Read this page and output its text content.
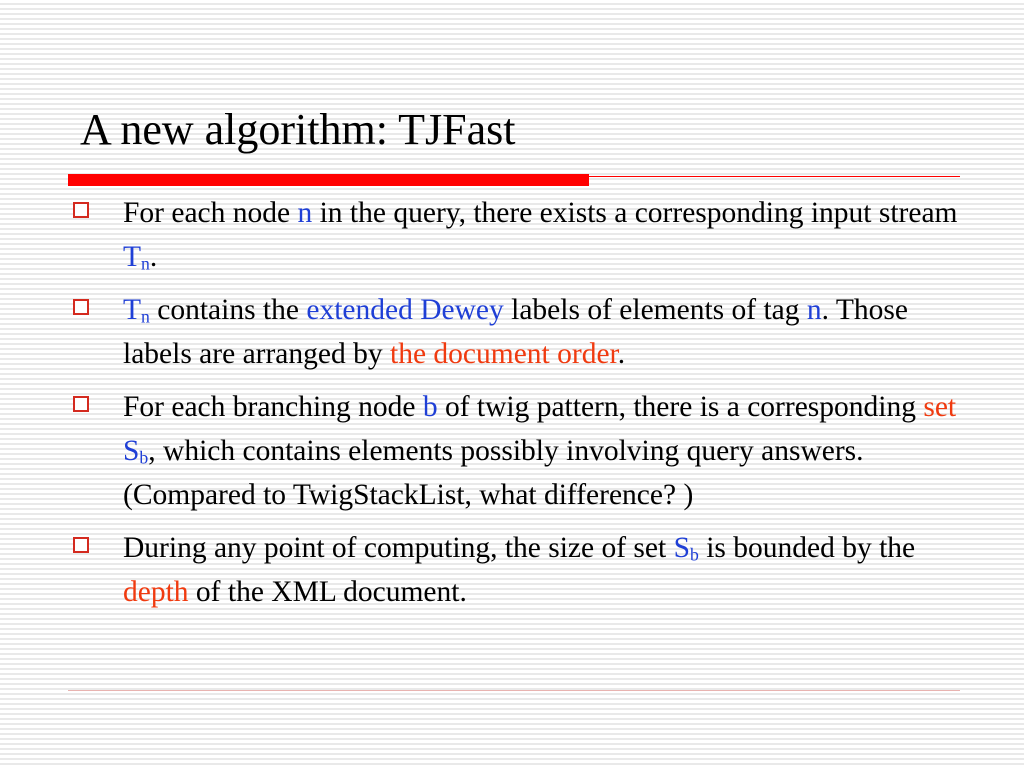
A new algorithm: TJFast
For each node n in the query, there exists a corresponding input stream $T_n$.
$T_n$ contains the extended Dewey labels of elements of tag n. Those labels are arranged by the document order.
For each branching node b of twig pattern, there is a corresponding set $S_b$, which contains elements possibly involving query answers. (Compared to TwigStackList, what difference? )
During any point of computing, the size of set $S_b$ is bounded by the depth of the XML document.
